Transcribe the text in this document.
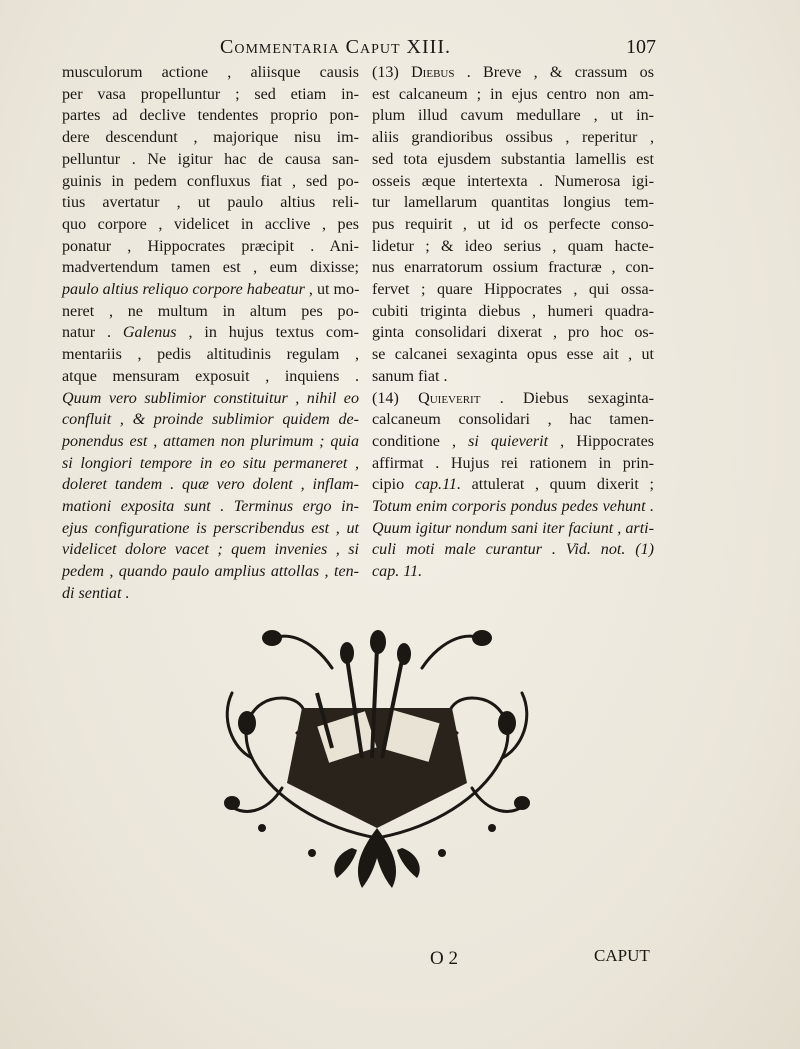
Commentaria Caput XIII.	107
musculorum actione , aliisque causis
per vasa propelluntur ; sed etiam in-
partes ad declive tendentes proprio pon-
dere descendunt , majorique nisu im-
pelluntur . Ne igitur hac de causa san-
guinis in pedem confluxus fiat , sed po-
tius avertatur , ut paulo altius reli-
quo corpore , videlicet in acclive , pes
ponatur , Hippocrates præcipit . Ani-
madvertendum tamen est , eum dixisse;
paulo altius reliquo corpore habeatur , ut mo-
neret , ne multum in altum pes po-
natur . Galenus , in hujus textus com-
mentariis , pedis altitudinis regulam ,
atque mensuram exposuit , inquiens .
Quum vero sublimior constituitur , nihil eo
confluit , & proinde sublimior quidem de-
ponendus est , attamen non plurimum ; quia
si longiori tempore in eo situ permaneret ,
doleret tandem . quæ vero dolent , inflam-
mationi exposita sunt . Terminus ergo in-
ejus configuratione is perscribendus est , ut
videlicet dolore vacet ; quem invenies , si
pedem , quando paulo amplius attollas , ten-
di sentiat .
(13) Diebus . Breve , & crassum os
est calcaneum ; in ejus centro non am-
plum illud cavum medullare , ut in-
aliis grandioribus ossibus , reperitur ,
sed tota ejusdem substantia lamellis est
osseis æque intertexta . Numerosa igi-
tur lamellarum quantitas longius tem-
pus requirit , ut id os perfecte conso-
lidetur ; & ideo serius , quam hacte-
nus enarratorum ossium fracturæ , con-
fervet ; quare Hippocrates , qui ossa-
cubiti triginta diebus , humeri quadra-
ginta consolidari dixerat , pro hoc os-
se calcanei sexaginta opus esse ait , ut
sanum fiat .
(14) Quieverit . Diebus sexaginta-
calcaneum consolidari , hac tamen-
conditione , si quieverit , Hippocrates
affirmat . Hujus rei rationem in prin-
cipio cap.11. attulerat , quum dixerit ;
Totum enim corporis pondus pedes vehunt .
Quum igitur nondum sani iter faciunt , arti-
culi moti male curantur . Vid. not. (1)
cap. 11.
O 2	CAPUT
